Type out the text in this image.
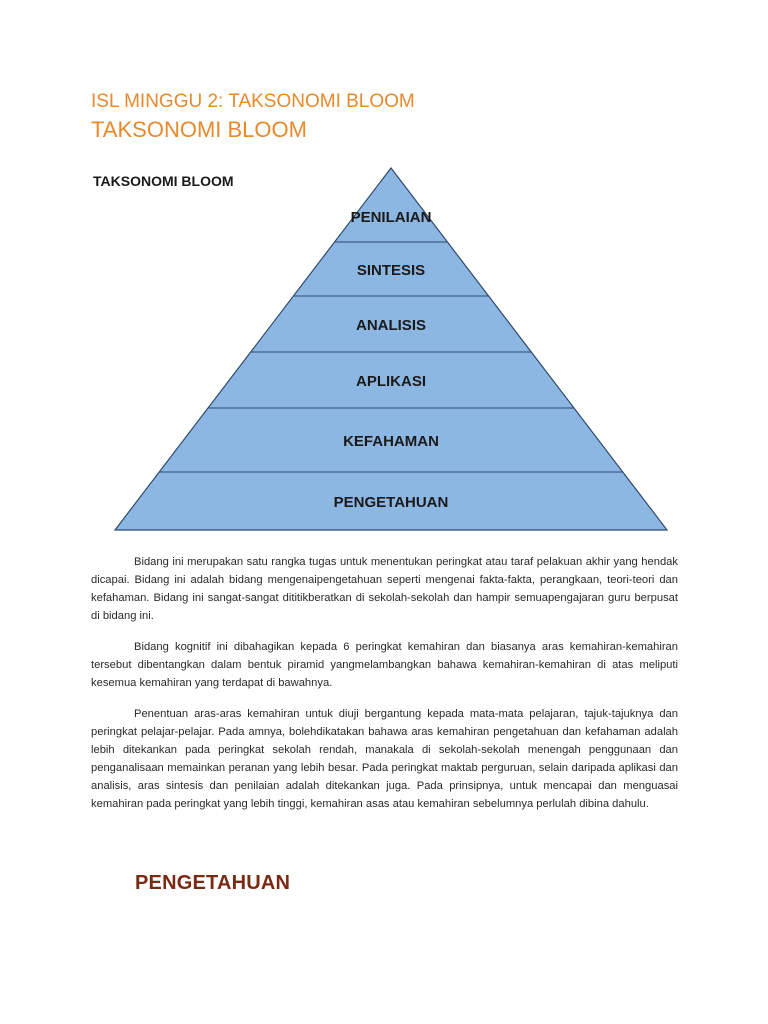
ISL MINGGU 2: TAKSONOMI BLOOM
TAKSONOMI BLOOM
TAKSONOMI BLOOM
PENILAIAN
SINTESIS
ANALISIS
APLIKASI
KEFAHAMAN
PENGETAHUAN

Bidang ini merupakan satu rangka tugas untuk menentukan peringkat atau taraf pelakuan akhir yang hendak dicapai. Bidang ini adalah bidang mengenaipengetahuan seperti mengenai fakta-fakta, perangkaan, teori-teori dan kefahaman. Bidang ini sangat-sangat dititikberatkan di sekolah-sekolah dan hampir semuapengajaran guru berpusat di bidang ini.

Bidang kognitif ini dibahagikan kepada 6 peringkat kemahiran dan biasanya aras kemahiran-kemahiran tersebut dibentangkan dalam bentuk piramid yangmelambangkan bahawa kemahiran-kemahiran di atas meliputi kesemua kemahiran yang terdapat di bawahnya.

Penentuan aras-aras kemahiran untuk diuji bergantung kepada mata-mata pelajaran, tajuk-tajuknya dan peringkat pelajar-pelajar. Pada amnya, bolehdikatakan bahawa aras kemahiran pengetahuan dan kefahaman adalah lebih ditekankan pada peringkat sekolah rendah, manakala di sekolah-sekolah menengah penggunaan dan penganalisaan memainkan peranan yang lebih besar. Pada peringkat maktab perguruan, selain daripada aplikasi dan analisis, aras sintesis dan penilaian adalah ditekankan juga. Pada prinsipnya, untuk mencapai dan menguasai kemahiran pada peringkat yang lebih tinggi, kemahiran asas atau kemahiran sebelumnya perlulah dibina dahulu.

PENGETAHUAN
